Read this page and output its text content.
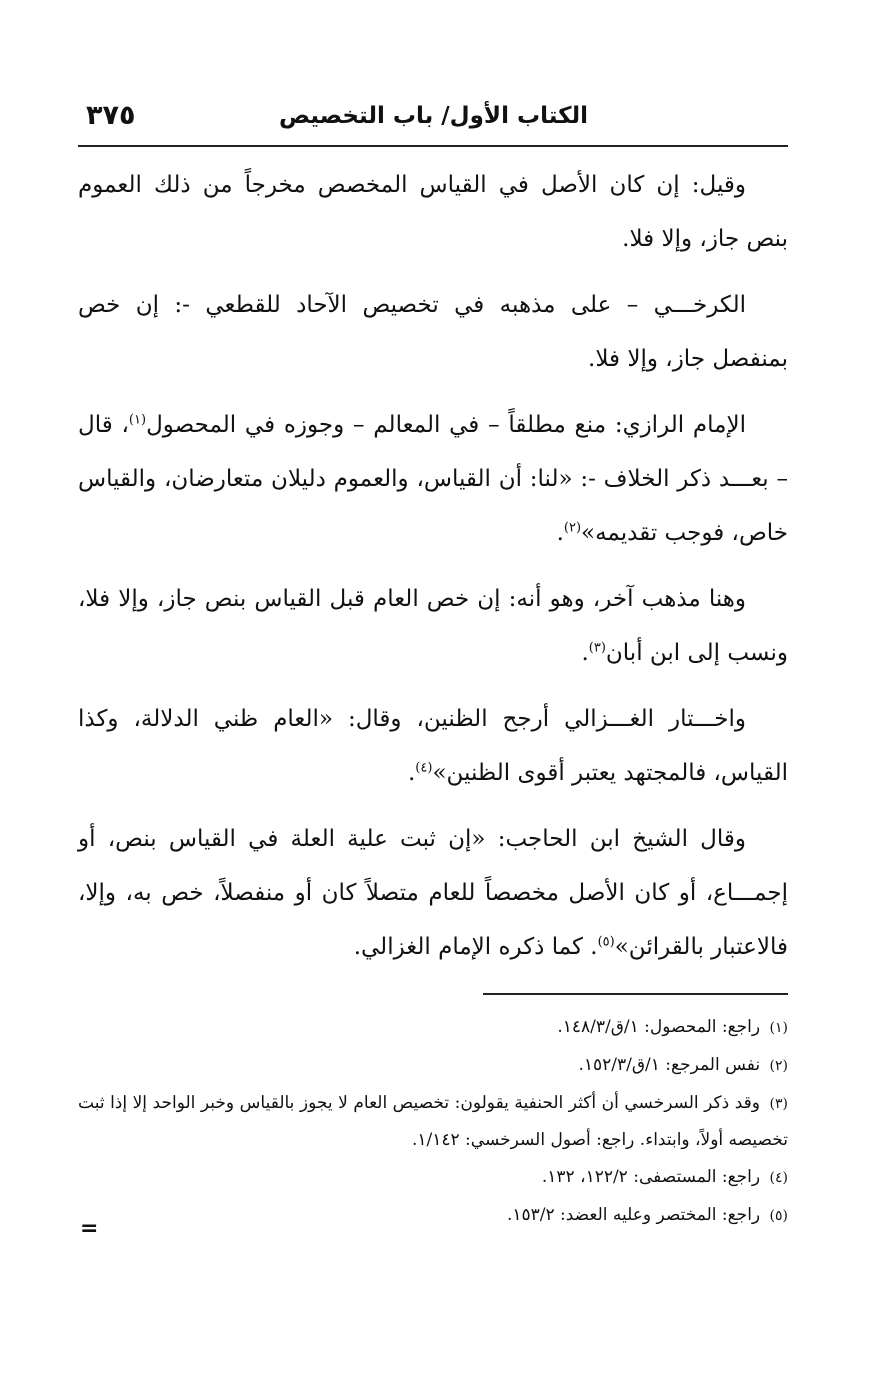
الكتاب الأول/ باب التخصيص
٣٧٥

وقيل: إن كان الأصل في القياس المخصص مخرجاً من ذلك العموم بنص جاز، وإلا فلا.

الكرخـــي – على مذهبه في تخصيص الآحاد للقطعي -: إن خص بمنفصل جاز، وإلا فلا.

الإمام الرازي: منع مطلقاً – في المعالم – وجوزه في المحصول$^{(١)}$، قال – بعـــد ذكر الخلاف -: «لنا: أن القياس، والعموم دليلان متعارضان، والقياس خاص، فوجب تقديمه»$^{(٢)}$.

وهنا مذهب آخر، وهو أنه: إن خص العام قبل القياس بنص جاز، وإلا فلا، ونسب إلى ابن أبان$^{(٣)}$.

واخـــتار الغـــزالي أرجح الظنين، وقال: «العام ظني الدلالة، وكذا القياس، فالمجتهد يعتبر أقوى الظنين»$^{(٤)}$.

وقال الشيخ ابن الحاجب: «إن ثبت علية العلة في القياس بنص، أو إجمـــاع، أو كان الأصل مخصصاً للعام متصلاً كان أو منفصلاً، خص به، وإلا، فالاعتبار بالقرائن»$^{(٥)}$. كما ذكره الإمام الغزالي.

(١) راجع: المحصول: ١/ق/١٤٨/٣.
(٢) نفس المرجع: ١/ق/١٥٢/٣.
(٣) وقد ذكر السرخسي أن أكثر الحنفية يقولون: تخصيص العام لا يجوز بالقياس وخبر الواحد إلا إذا ثبت تخصيصه أولاً، وابتداء. راجع: أصول السرخسي: ١/١٤٢.
(٤) راجع: المستصفى: ١٢٢/٢، ١٣٢.
(٥) راجع: المختصر وعليه العضد: ١٥٣/٢.
=
